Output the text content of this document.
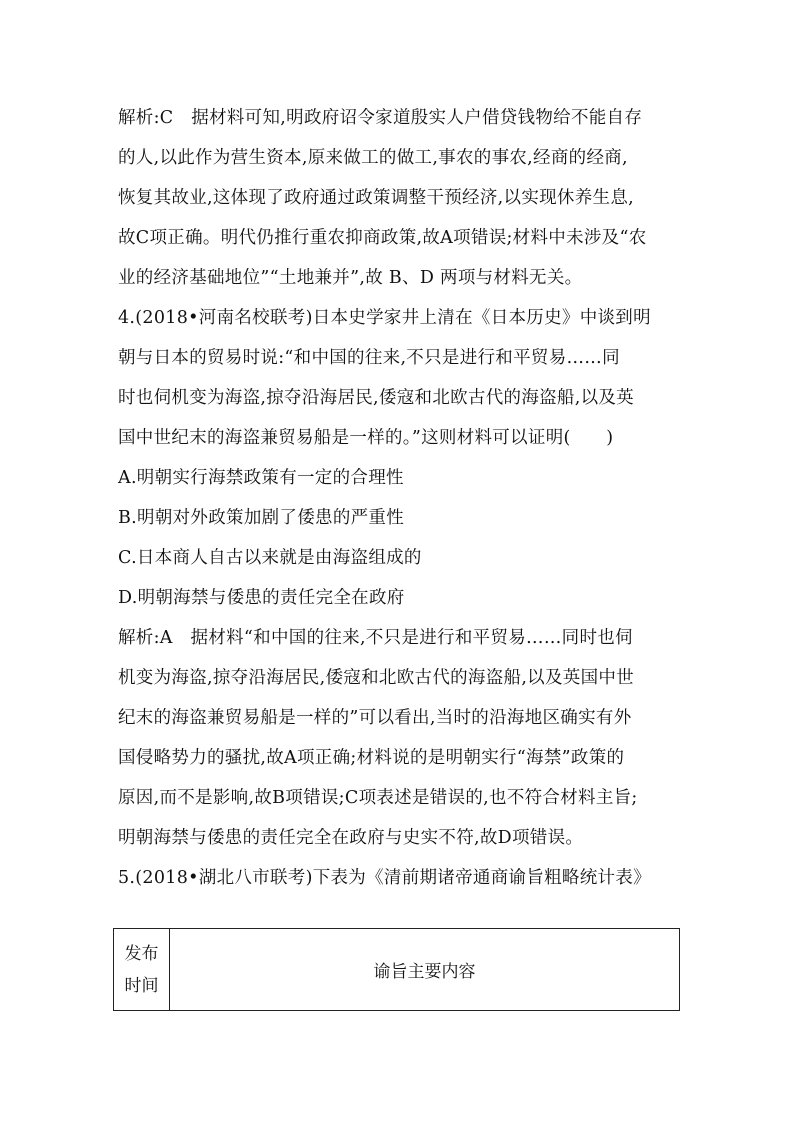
解析:C　据材料可知,明政府诏令家道殷实人户借贷钱物给不能自存
的人,以此作为营生资本,原来做工的做工,事农的事农,经商的经商,
恢复其故业,这体现了政府通过政策调整干预经济,以实现休养生息,
故C项正确。明代仍推行重农抑商政策,故A项错误;材料中未涉及“农
业的经济基础地位”“土地兼并”,故 B、D 两项与材料无关。
4.(2018•河南名校联考)日本史学家井上清在《日本历史》中谈到明
朝与日本的贸易时说:“和中国的往来,不只是进行和平贸易……同
时也伺机变为海盗,掠夺沿海居民,倭寇和北欧古代的海盗船,以及英
国中世纪末的海盗兼贸易船是一样的。”这则材料可以证明(　　)
A.明朝实行海禁政策有一定的合理性
B.明朝对外政策加剧了倭患的严重性
C.日本商人自古以来就是由海盗组成的
D.明朝海禁与倭患的责任完全在政府
解析:A　据材料“和中国的往来,不只是进行和平贸易……同时也伺
机变为海盗,掠夺沿海居民,倭寇和北欧古代的海盗船,以及英国中世
纪末的海盗兼贸易船是一样的”可以看出,当时的沿海地区确实有外
国侵略势力的骚扰,故A项正确;材料说的是明朝实行“海禁”政策的
原因,而不是影响,故B项错误;C项表述是错误的,也不符合材料主旨;
明朝海禁与倭患的责任完全在政府与史实不符,故D项错误。
5.(2018•湖北八市联考)下表为《清前期诸帝通商谕旨粗略统计表》
发布
时间
谕旨主要内容
